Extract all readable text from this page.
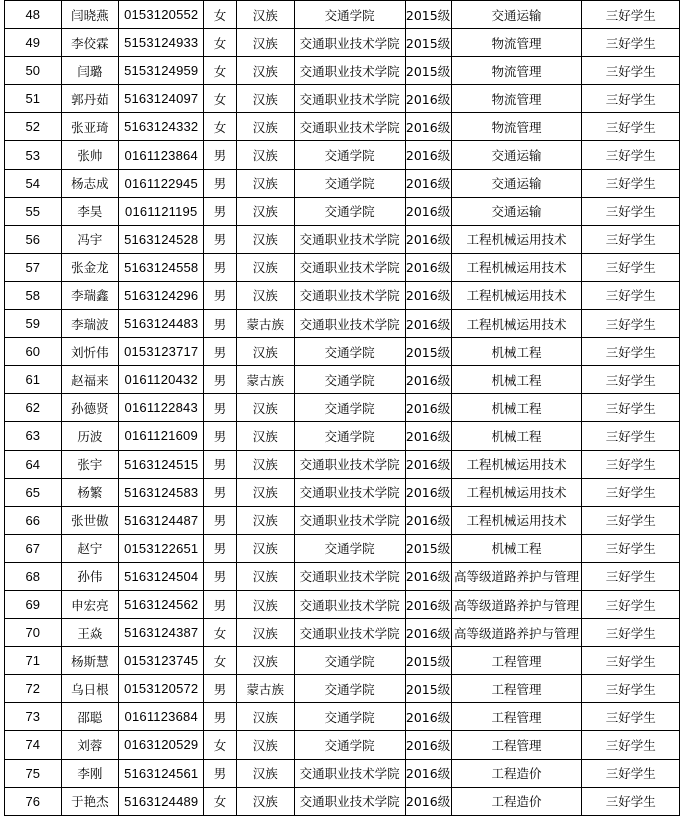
48	闫晓燕	0153120552	女	汉族	交通学院	2015级	交通运输	三好学生
49	李佼霖	5153124933	女	汉族	交通职业技术学院	2015级	物流管理	三好学生
50	闫璐	5153124959	女	汉族	交通职业技术学院	2015级	物流管理	三好学生
51	郭丹茹	5163124097	女	汉族	交通职业技术学院	2016级	物流管理	三好学生
52	张亚琦	5163124332	女	汉族	交通职业技术学院	2016级	物流管理	三好学生
53	张帅	0161123864	男	汉族	交通学院	2016级	交通运输	三好学生
54	杨志成	0161122945	男	汉族	交通学院	2016级	交通运输	三好学生
55	李昊	0161121195	男	汉族	交通学院	2016级	交通运输	三好学生
56	冯宇	5163124528	男	汉族	交通职业技术学院	2016级	工程机械运用技术	三好学生
57	张金龙	5163124558	男	汉族	交通职业技术学院	2016级	工程机械运用技术	三好学生
58	李瑞鑫	5163124296	男	汉族	交通职业技术学院	2016级	工程机械运用技术	三好学生
59	李瑞波	5163124483	男	蒙古族	交通职业技术学院	2016级	工程机械运用技术	三好学生
60	刘忻伟	0153123717	男	汉族	交通学院	2015级	机械工程	三好学生
61	赵福来	0161120432	男	蒙古族	交通学院	2016级	机械工程	三好学生
62	孙德贤	0161122843	男	汉族	交通学院	2016级	机械工程	三好学生
63	历波	0161121609	男	汉族	交通学院	2016级	机械工程	三好学生
64	张宇	5163124515	男	汉族	交通职业技术学院	2016级	工程机械运用技术	三好学生
65	杨繁	5163124583	男	汉族	交通职业技术学院	2016级	工程机械运用技术	三好学生
66	张世傲	5163124487	男	汉族	交通职业技术学院	2016级	工程机械运用技术	三好学生
67	赵宁	0153122651	男	汉族	交通学院	2015级	机械工程	三好学生
68	孙伟	5163124504	男	汉族	交通职业技术学院	2016级	高等级道路养护与管理	三好学生
69	申宏亮	5163124562	男	汉族	交通职业技术学院	2016级	高等级道路养护与管理	三好学生
70	王焱	5163124387	女	汉族	交通职业技术学院	2016级	高等级道路养护与管理	三好学生
71	杨斯慧	0153123745	女	汉族	交通学院	2015级	工程管理	三好学生
72	乌日根	0153120572	男	蒙古族	交通学院	2015级	工程管理	三好学生
73	邵聪	0161123684	男	汉族	交通学院	2016级	工程管理	三好学生
74	刘蓉	0163120529	女	汉族	交通学院	2016级	工程管理	三好学生
75	李刚	5163124561	男	汉族	交通职业技术学院	2016级	工程造价	三好学生
76	于艳杰	5163124489	女	汉族	交通职业技术学院	2016级	工程造价	三好学生
